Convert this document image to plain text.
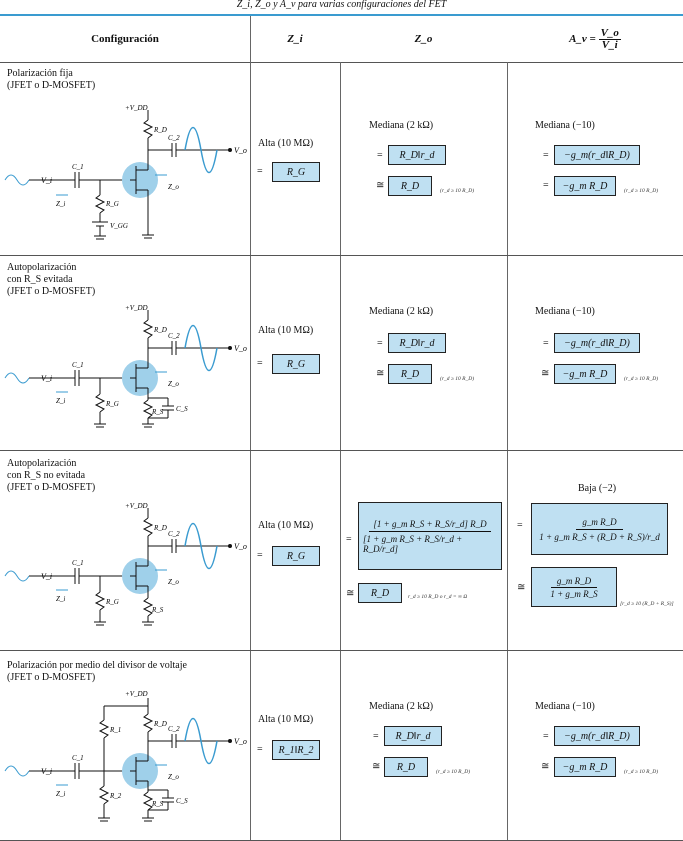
Z_i, Z_o y A_v para varias configuraciones del FET
Configuración	Z_i	Z_o	A_v =
$\frac{V\_o}{V\_i}$
Polarización fija
(JFET o D-MOSFET)
+V_DD
R_D
C_2
C_1
V_i
V_o
Z_i
Z_o
R_G
V_GG
Alta (10 MΩ)
=	R_G
Mediana (2 kΩ)
=	R_D‖r_d
≅	R_D	(r_d ≥ 10 R_D)
Mediana (−10)
=	−g_m(r_d‖R_D)
=	−g_m R_D	(r_d ≥ 10 R_D)
Autopolarización
con R_S evitada
(JFET o D-MOSFET)
+V_DD
R_D
C_2
C_1
V_i
V_o
Z_i
Z_o
R_G
R_S C_S
Alta (10 MΩ)
=	R_G
Mediana (2 kΩ)
=	R_D‖r_d
≅	R_D	(r_d ≥ 10 R_D)
Mediana (−10)
=	−g_m(r_d‖R_D)
≅	−g_m R_D	(r_d ≥ 10 R_D)
Autopolarización
con R_S no evitada
(JFET o D-MOSFET)
+V_DD
R_D
C_2
C_1
V_i
V_o
Z_i
Z_o
R_G
R_S
Alta (10 MΩ)
=	R_G
= $\frac{\text{[1 + g\_m R\_S + R\_S/r\_d] R\_D}}{\text{[1 + g\_m R\_S + R\_S/r\_d + R\_D/r\_d]}}$
≅	R_D	r_d ≥ 10 R_D o r_d = ∞ Ω
Baja (−2)
= $\frac{\text{g\_m R\_D}}{\text{1 + g\_m R\_S + (R\_D + R\_S)/r\_d}}$
≅ $\frac{\text{g\_m R\_D}}{\text{1 + g\_m R\_S}}$ [r_d ≥ 10 (R_D + R_S)]
Polarización por medio del divisor de voltaje
(JFET o D-MOSFET)
+V_DD
R_D
C_2
C_1
V_i
V_o
Z_i
Z_o
R_1
R_2
R_S C_S
Alta (10 MΩ)
=	R_1‖R_2
Mediana (2 kΩ)
=	R_D‖r_d
≅	R_D	(r_d ≥ 10 R_D)
Mediana (−10)
=	−g_m(r_d‖R_D)
≅	−g_m R_D	(r_d ≥ 10 R_D)
